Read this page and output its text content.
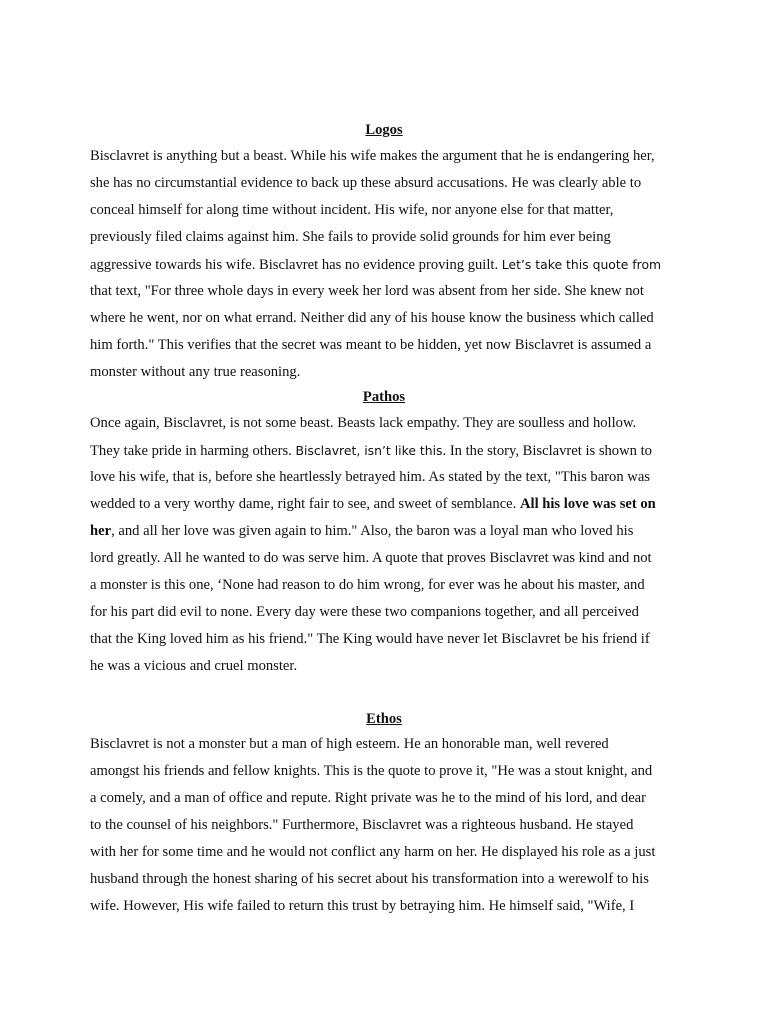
Logos
Bisclavret is anything but a beast. While his wife makes the argument that he is endangering her,
she has no circumstantial evidence to back up these absurd accusations. He was clearly able to
conceal himself for along time without incident. His wife, nor anyone else for that matter,
previously filed claims against him. She fails to provide solid grounds for him ever being
aggressive towards his wife. Bisclavret has no evidence proving guilt. Let’s take this quote from
that text, "For three whole days in every week her lord was absent from her side. She knew not
where he went, nor on what errand. Neither did any of his house know the business which called
him forth." This verifies that the secret was meant to be hidden, yet now Bisclavret is assumed a
monster without any true reasoning.
Pathos
Once again, Bisclavret, is not some beast. Beasts lack empathy. They are soulless and hollow.
They take pride in harming others. Bisclavret, isn’t like this. In the story, Bisclavret is shown to
love his wife, that is, before she heartlessly betrayed him. As stated by the text, "This baron was
wedded to a very worthy dame, right fair to see, and sweet of semblance. All his love was set on
her, and all her love was given again to him." Also, the baron was a loyal man who loved his
lord greatly. All he wanted to do was serve him. A quote that proves Bisclavret was kind and not
a monster is this one, ‘None had reason to do him wrong, for ever was he about his master, and
for his part did evil to none. Every day were these two companions together, and all perceived
that the King loved him as his friend." The King would have never let Bisclavret be his friend if
he was a vicious and cruel monster.
Ethos
Bisclavret is not a monster but a man of high esteem. He an honorable man, well revered
amongst his friends and fellow knights. This is the quote to prove it, "He was a stout knight, and
a comely, and a man of office and repute. Right private was he to the mind of his lord, and dear
to the counsel of his neighbors." Furthermore, Bisclavret was a righteous husband. He stayed
with her for some time and he would not conflict any harm on her. He displayed his role as a just
husband through the honest sharing of his secret about his transformation into a werewolf to his
wife. However, His wife failed to return this trust by betraying him. He himself said, "Wife, I
